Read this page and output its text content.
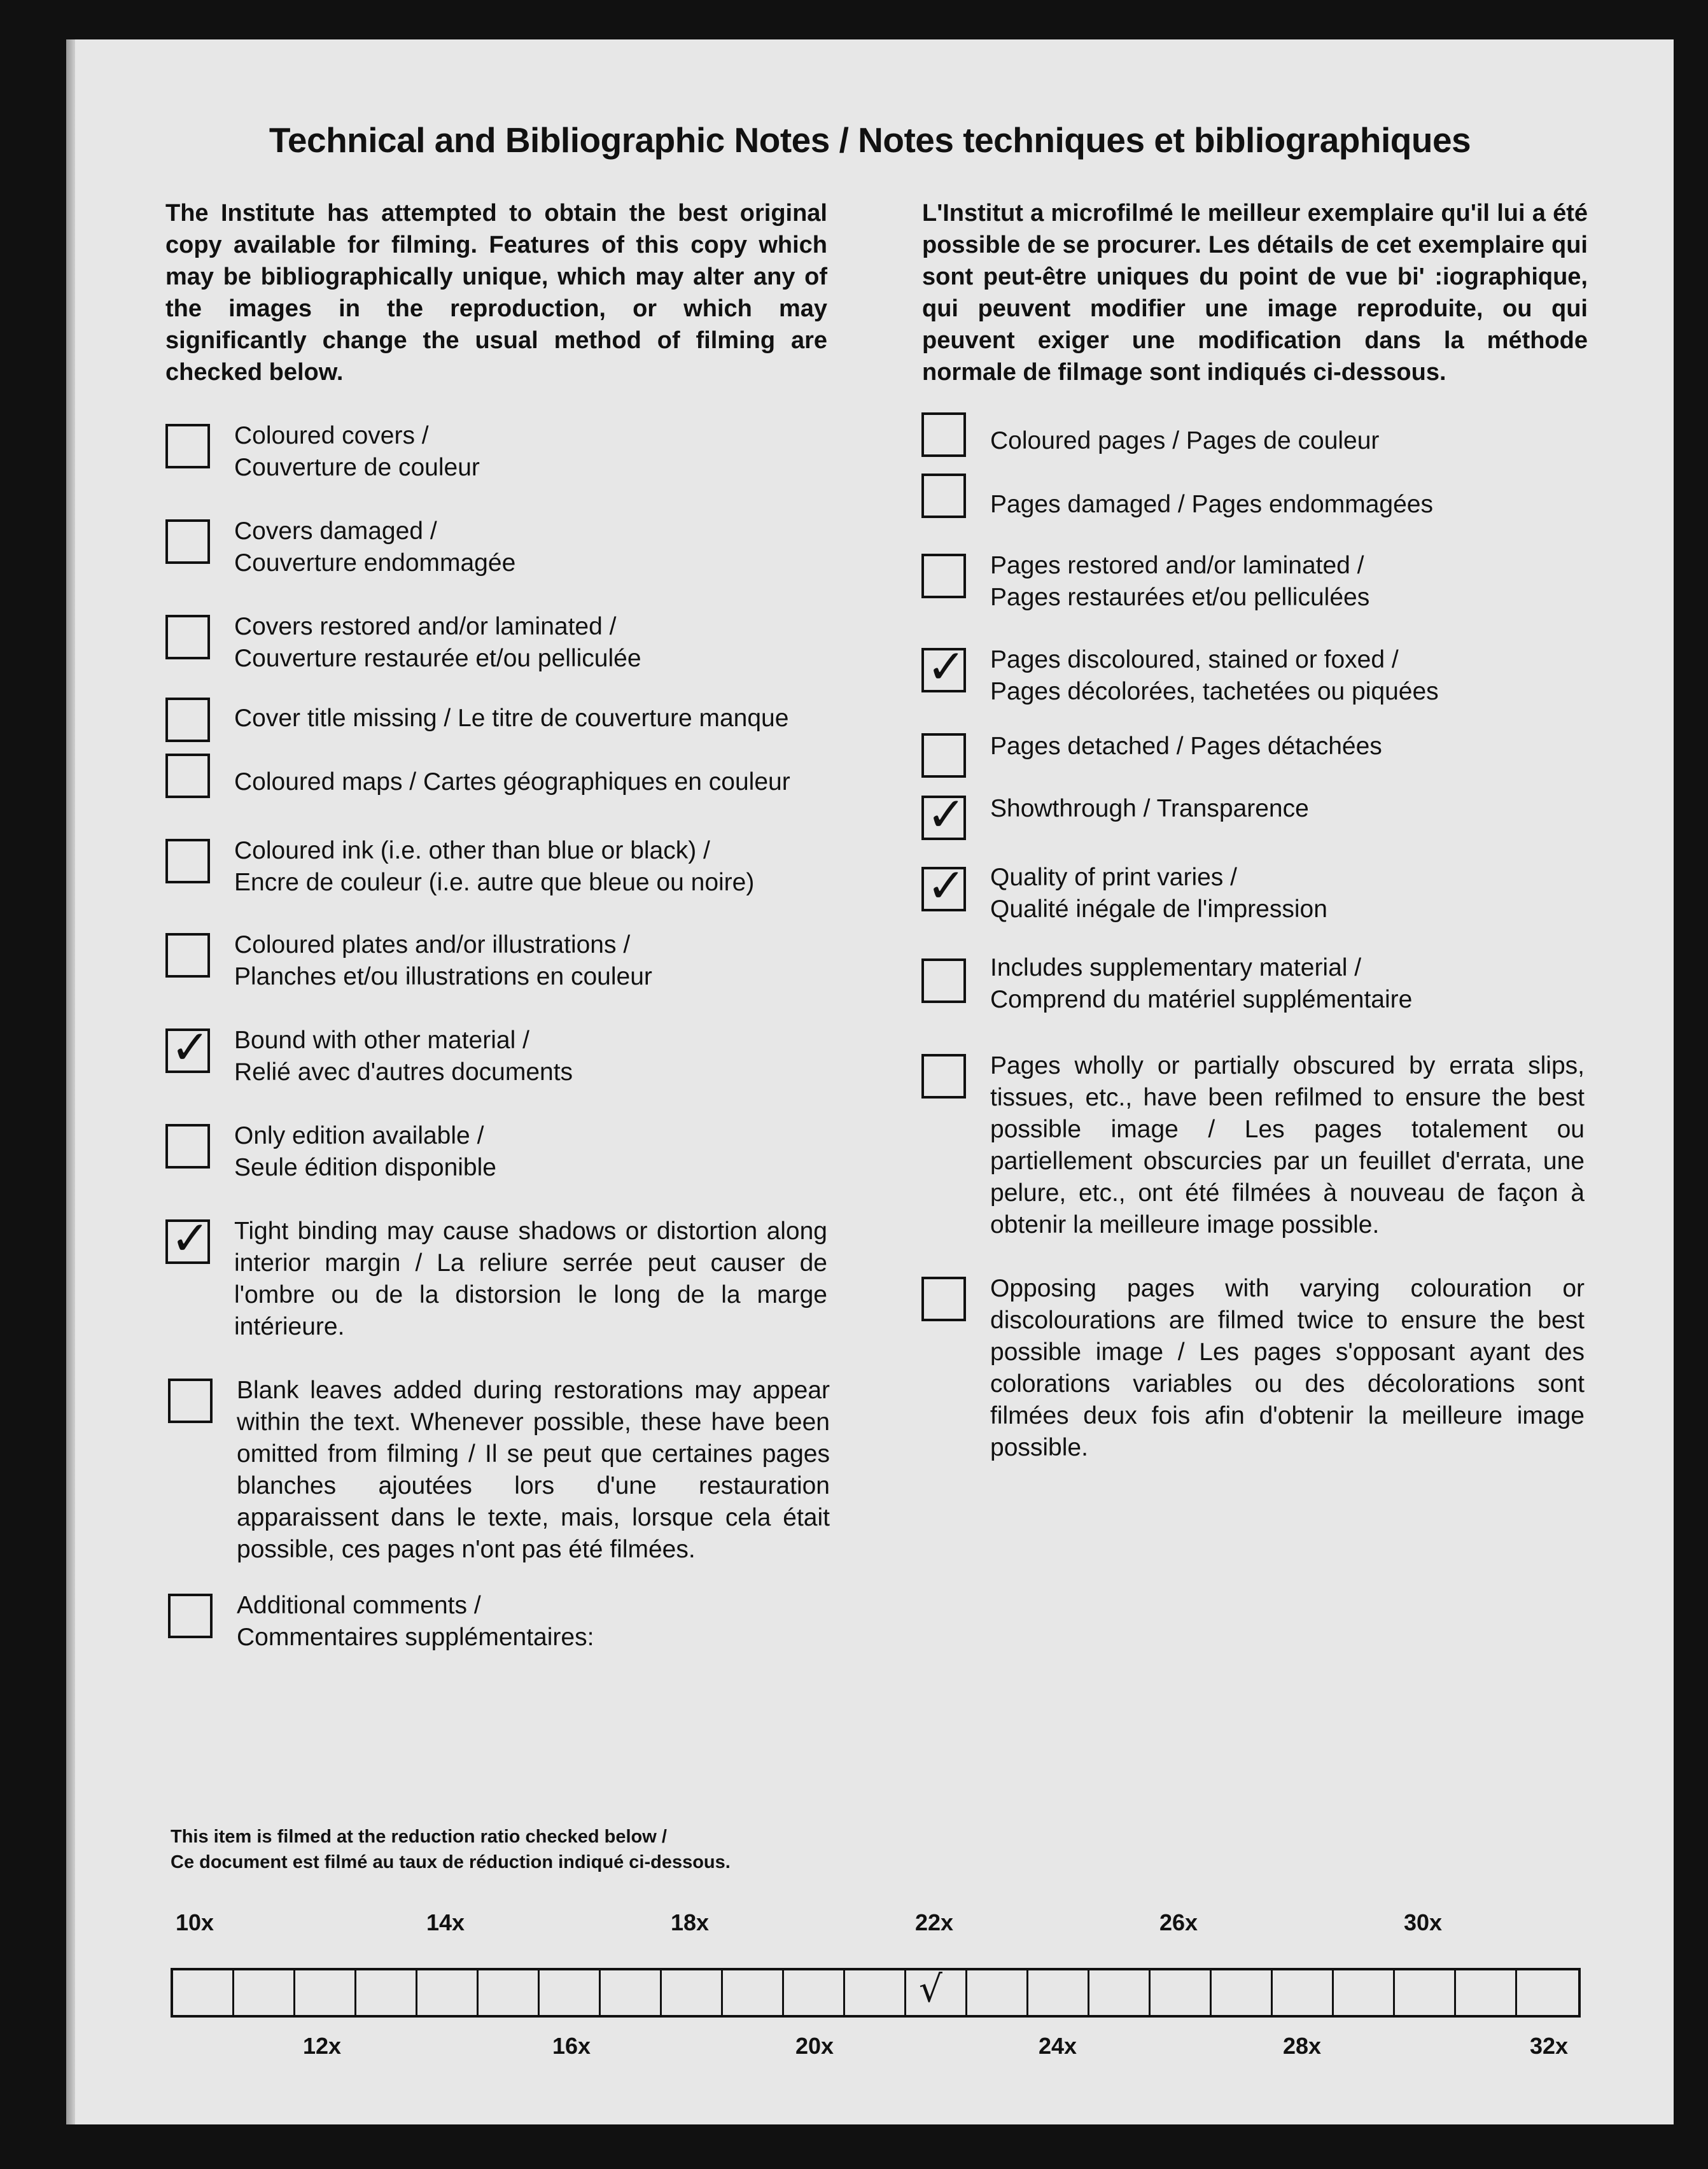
Technical and Bibliographic Notes / Notes techniques et bibliographiques

The Institute has attempted to obtain the best original copy available for filming. Features of this copy which may be bibliographically unique, which may alter any of the images in the reproduction, or which may significantly change the usual method of filming are checked below.

L'Institut a microfilmé le meilleur exemplaire qu'il lui a été possible de se procurer. Les détails de cet exemplaire qui sont peut-être uniques du point de vue bi' :iographique, qui peuvent modifier une image reproduite, ou qui peuvent exiger une modification dans la méthode normale de filmage sont indiqués ci-dessous.

Coloured covers /
Couverture de couleur
Covers damaged /
Couverture endommagée
Covers restored and/or laminated /
Couverture restaurée et/ou pelliculée
Cover title missing / Le titre de couverture manque
Coloured maps / Cartes géographiques en couleur
Coloured ink (i.e. other than blue or black) /
Encre de couleur (i.e. autre que bleue ou noire)
Coloured plates and/or illustrations /
Planches et/ou illustrations en couleur
✓ Bound with other material /
Relié avec d'autres documents
Only edition available /
Seule édition disponible
✓ Tight binding may cause shadows or distortion along interior margin / La reliure serrée peut causer de l'ombre ou de la distorsion le long de la marge intérieure.
Blank leaves added during restorations may appear within the text. Whenever possible, these have been omitted from filming / Il se peut que certaines pages blanches ajoutées lors d'une restauration apparaissent dans le texte, mais, lorsque cela était possible, ces pages n'ont pas été filmées.
Additional comments /
Commentaires supplémentaires:
Coloured pages / Pages de couleur
Pages damaged / Pages endommagées
Pages restored and/or laminated /
Pages restaurées et/ou pelliculées
✓ Pages discoloured, stained or foxed /
Pages décolorées, tachetées ou piquées
Pages detached / Pages détachées
✓ Showthrough / Transparence
✓ Quality of print varies /
Qualité inégale de l'impression
Includes supplementary material /
Comprend du matériel supplémentaire
Pages wholly or partially obscured by errata slips, tissues, etc., have been refilmed to ensure the best possible image / Les pages totalement ou partiellement obscurcies par un feuillet d'errata, une pelure, etc., ont été filmées à nouveau de façon à obtenir la meilleure image possible.
Opposing pages with varying colouration or discolourations are filmed twice to ensure the best possible image / Les pages s'opposant ayant des colorations variables ou des décolorations sont filmées deux fois afin d'obtenir la meilleure image possible.
This item is filmed at the reduction ratio checked below /
Ce document est filmé au taux de réduction indiqué ci-dessous.
10x	14x	18x	22x	26x	30x
√
12x	16x	20x	24x	28x	32x
